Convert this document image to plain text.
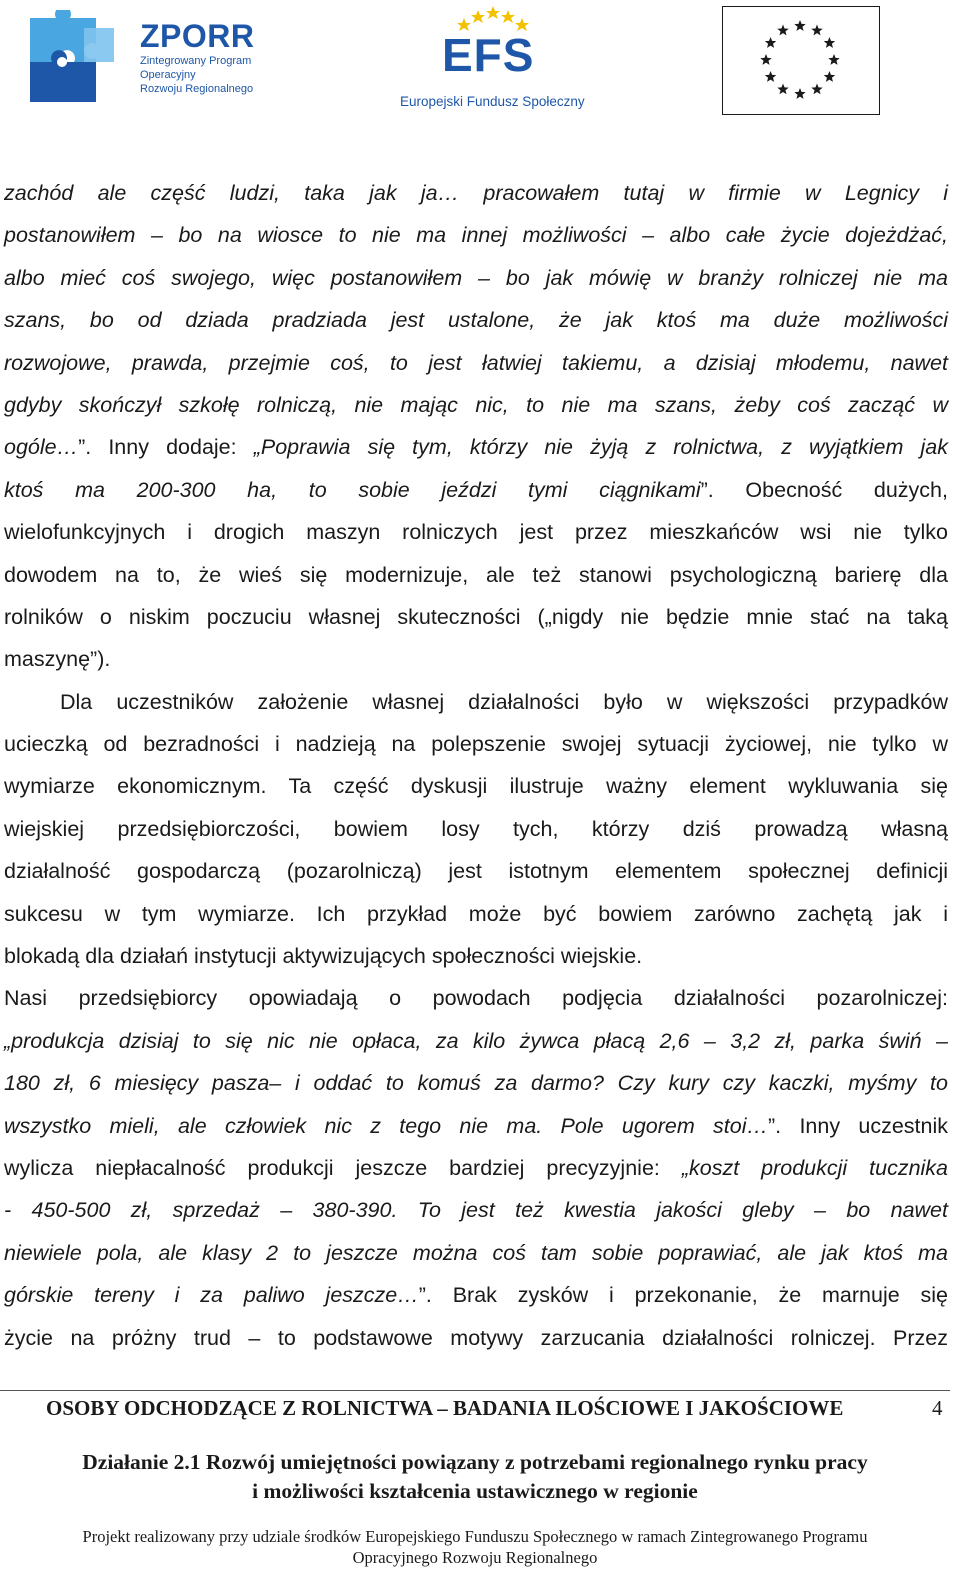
ZPORR
Zintegrowany Program
Operacyjny
Rozwoju Regionalnego
EFS
Europejski Fundusz Społeczny
zachód ale część ludzi, taka jak ja… pracowałem tutaj w firmie w Legnicy i
postanowiłem – bo na wiosce to nie ma innej możliwości – albo całe życie dojeżdżać,
albo mieć coś swojego, więc postanowiłem – bo jak mówię w branży rolniczej nie ma
szans, bo od dziada pradziada jest ustalone, że jak ktoś ma duże możliwości
rozwojowe, prawda, przejmie coś, to jest łatwiej takiemu, a dzisiaj młodemu, nawet
gdyby skończył szkołę rolniczą, nie mając nic, to nie ma szans, żeby coś zacząć w
ogóle…”. Inny dodaje: „Poprawia się tym, którzy nie żyją z rolnictwa, z wyjątkiem jak
ktoś ma 200-300 ha, to sobie jeździ tymi ciągnikami”. Obecność dużych,
wielofunkcyjnych i drogich maszyn rolniczych jest przez mieszkańców wsi nie tylko
dowodem na to, że wieś się modernizuje, ale też stanowi psychologiczną barierę dla
rolników o niskim poczuciu własnej skuteczności („nigdy nie będzie mnie stać na taką
maszynę”).
Dla uczestników założenie własnej działalności było w większości przypadków
ucieczką od bezradności i nadzieją na polepszenie swojej sytuacji życiowej, nie tylko w
wymiarze ekonomicznym. Ta część dyskusji ilustruje ważny element wykluwania się
wiejskiej przedsiębiorczości, bowiem losy tych, którzy dziś prowadzą własną
działalność gospodarczą (pozarolniczą) jest istotnym elementem społecznej definicji
sukcesu w tym wymiarze. Ich przykład może być bowiem zarówno zachętą jak i
blokadą dla działań instytucji aktywizujących społeczności wiejskie.
Nasi przedsiębiorcy opowiadają o powodach podjęcia działalności pozarolniczej:
„produkcja dzisiaj to się nic nie opłaca, za kilo żywca płacą 2,6 – 3,2 zł, parka świń –
180 zł, 6 miesięcy pasza– i oddać to komuś za darmo? Czy kury czy kaczki, myśmy to
wszystko mieli, ale człowiek nic z tego nie ma. Pole ugorem stoi…”. Inny uczestnik
wylicza niepłacalność produkcji jeszcze bardziej precyzyjnie: „koszt produkcji tucznika
- 450-500 zł, sprzedaż – 380-390. To jest też kwestia jakości gleby – bo nawet
niewiele pola, ale klasy 2 to jeszcze można coś tam sobie poprawiać, ale jak ktoś ma
górskie tereny i za paliwo jeszcze…”. Brak zysków i przekonanie, że marnuje się
życie na próżny trud – to podstawowe motywy zarzucania działalności rolniczej. Przez
OSOBY ODCHODZĄCE Z ROLNICTWA – BADANIA ILOŚCIOWE I JAKOŚCIOWE	4
Działanie 2.1 Rozwój umiejętności powiązany z potrzebami regionalnego rynku pracy
i możliwości kształcenia ustawicznego w regionie
Projekt realizowany przy udziale środków Europejskiego Funduszu Społecznego w ramach Zintegrowanego Programu
Opracyjnego Rozwoju Regionalnego
